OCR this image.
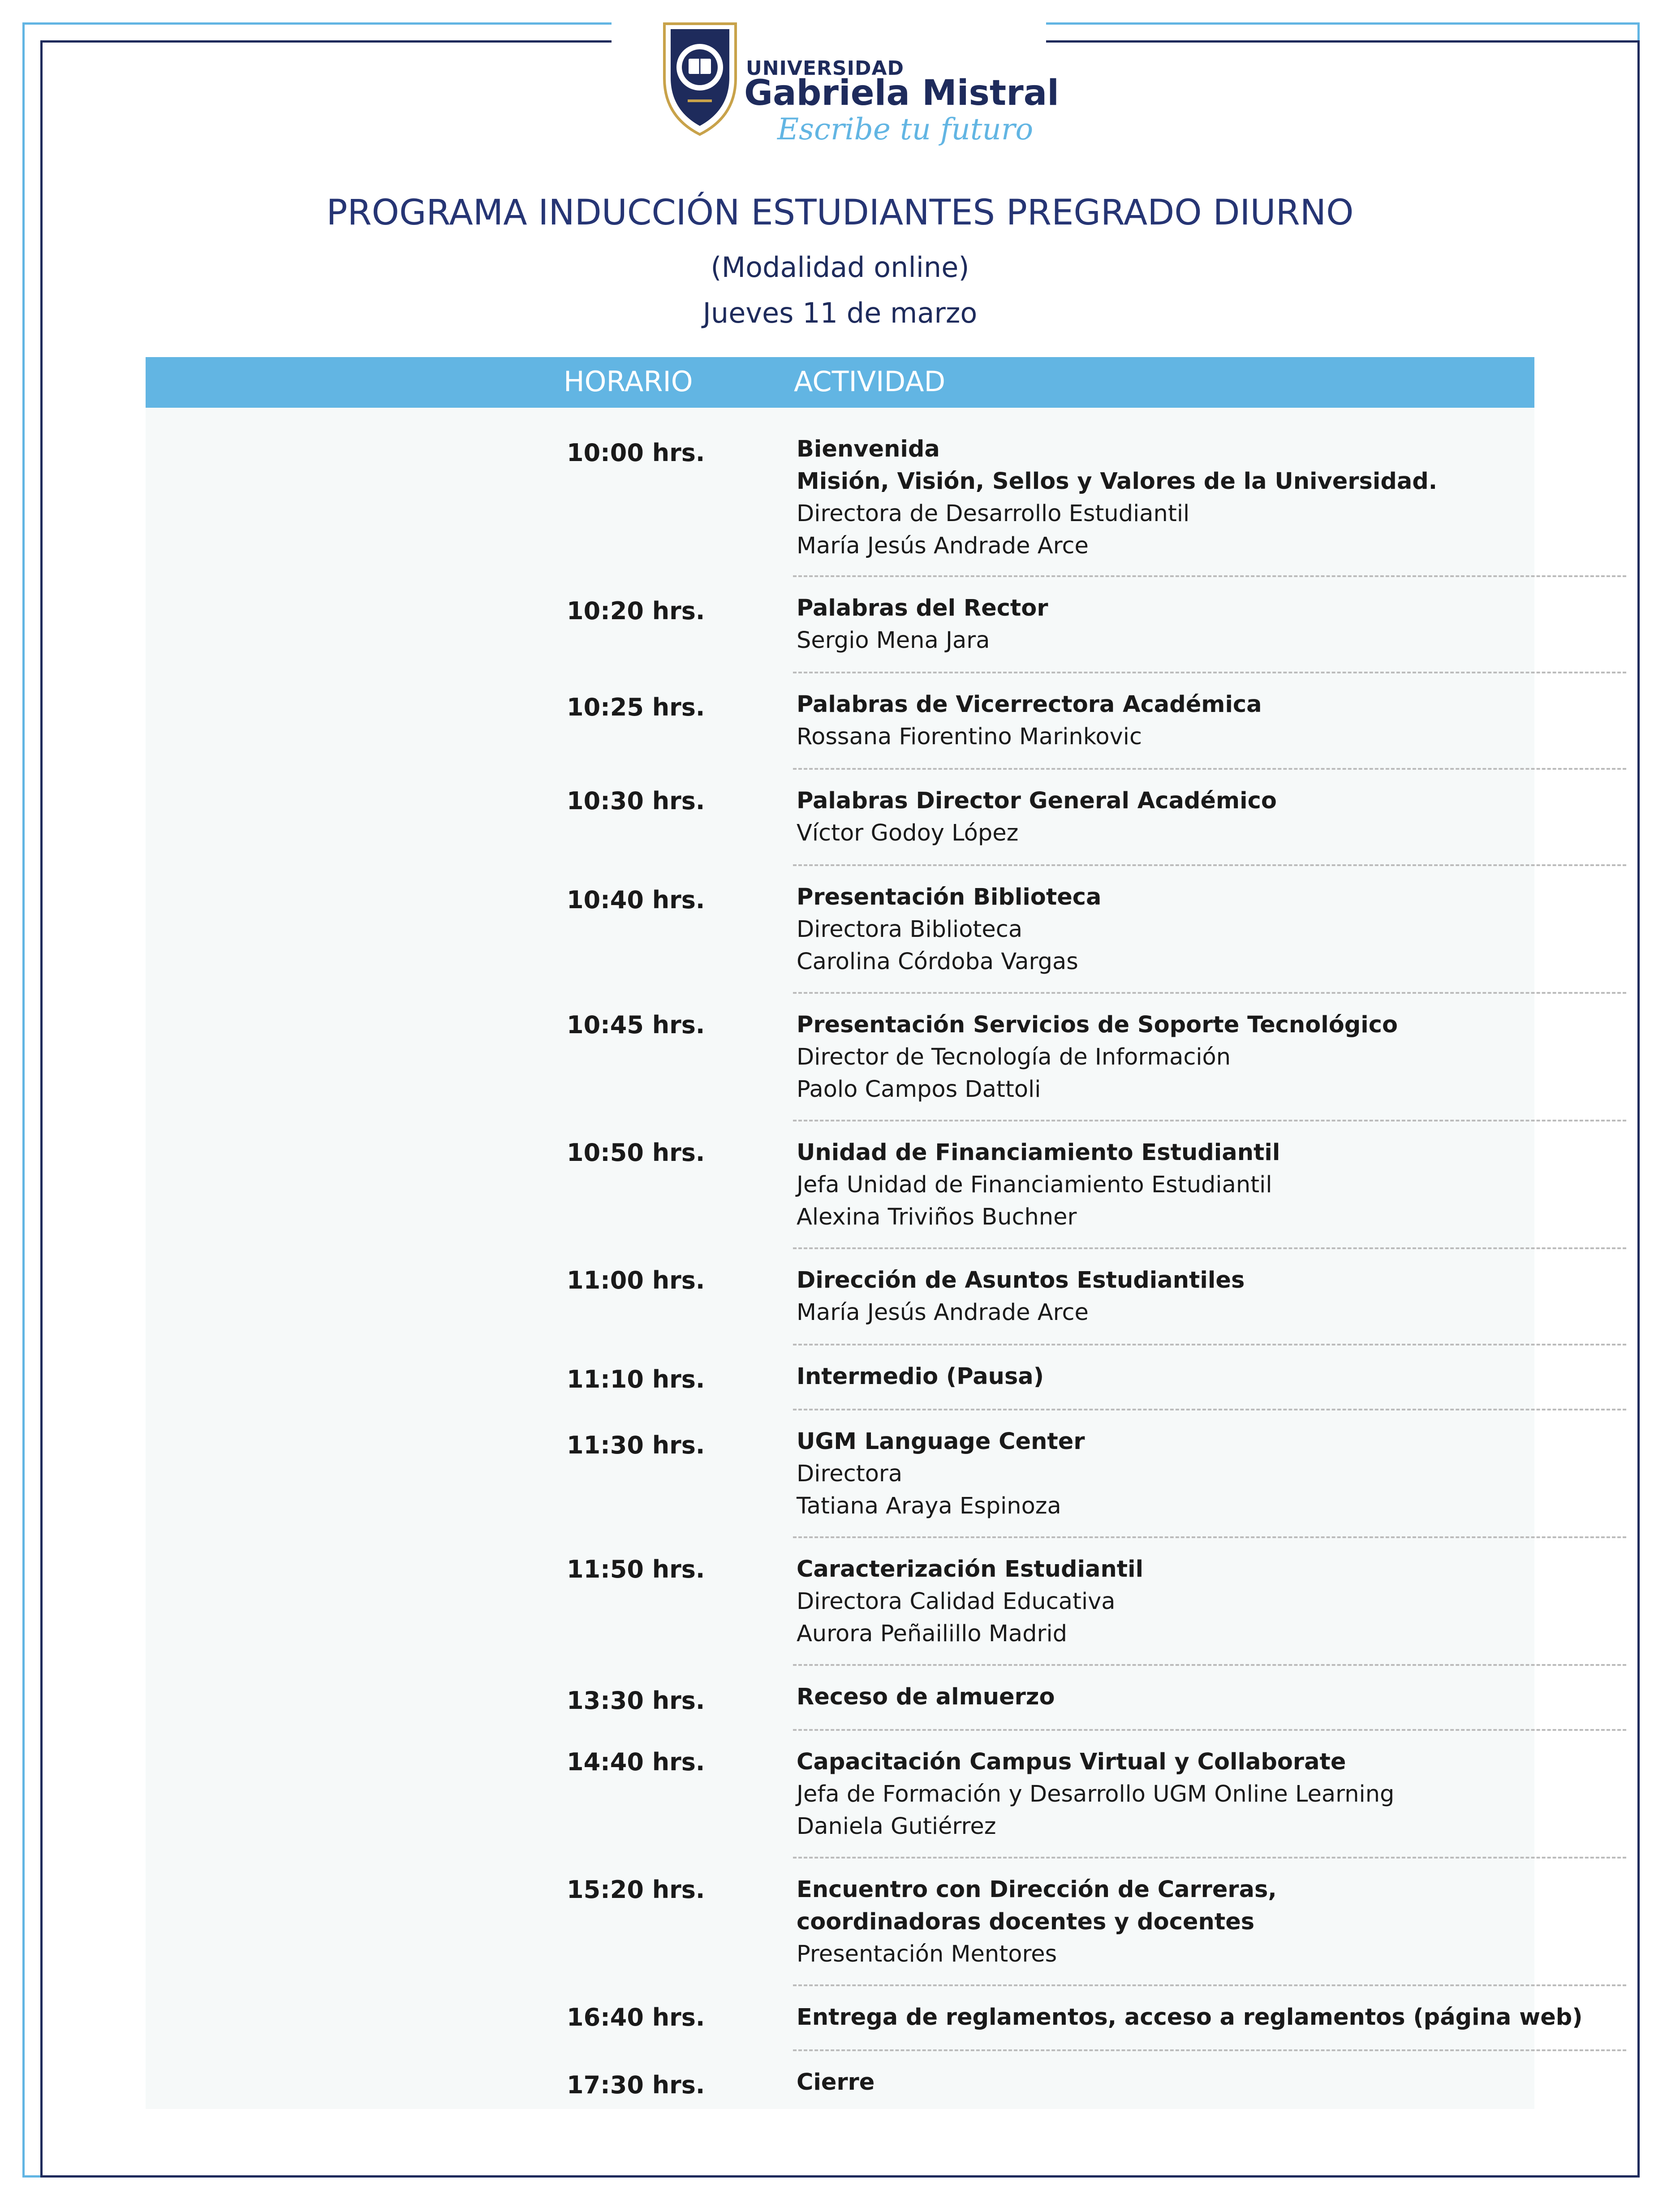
UNIVERSIDAD
Gabriela Mistral
Escribe tu futuro
PROGRAMA INDUCCIÓN ESTUDIANTES PREGRADO DIURNO
(Modalidad online)
Jueves 11 de marzo
HORARIO	ACTIVIDAD
10:00 hrs.	Bienvenida
Misión, Visión, Sellos y Valores de la Universidad.
Directora de Desarrollo Estudiantil
María Jesús Andrade Arce
10:20 hrs.	Palabras del Rector
Sergio Mena Jara
10:25 hrs.	Palabras de Vicerrectora Académica
Rossana Fiorentino Marinkovic
10:30 hrs.	Palabras Director General Académico
Víctor Godoy López
10:40 hrs.	Presentación Biblioteca
Directora Biblioteca
Carolina Córdoba Vargas
10:45 hrs.	Presentación Servicios de Soporte Tecnológico
Director de Tecnología de Información
Paolo Campos Dattoli
10:50 hrs.	Unidad de Financiamiento Estudiantil
Jefa Unidad de Financiamiento Estudiantil
Alexina Triviños Buchner
11:00 hrs.	Dirección de Asuntos Estudiantiles
María Jesús Andrade Arce
11:10 hrs.	Intermedio (Pausa)
11:30 hrs.	UGM Language Center
Directora
Tatiana Araya Espinoza
11:50 hrs.	Caracterización Estudiantil
Directora Calidad Educativa
Aurora Peñailillo Madrid
13:30 hrs.	Receso de almuerzo
14:40 hrs.	Capacitación Campus Virtual y Collaborate
Jefa de Formación y Desarrollo UGM Online Learning
Daniela Gutiérrez
15:20 hrs.	Encuentro con Dirección de Carreras,
coordinadoras docentes y docentes
Presentación Mentores
16:40 hrs.	Entrega de reglamentos, acceso a reglamentos (página web)
17:30 hrs.	Cierre
